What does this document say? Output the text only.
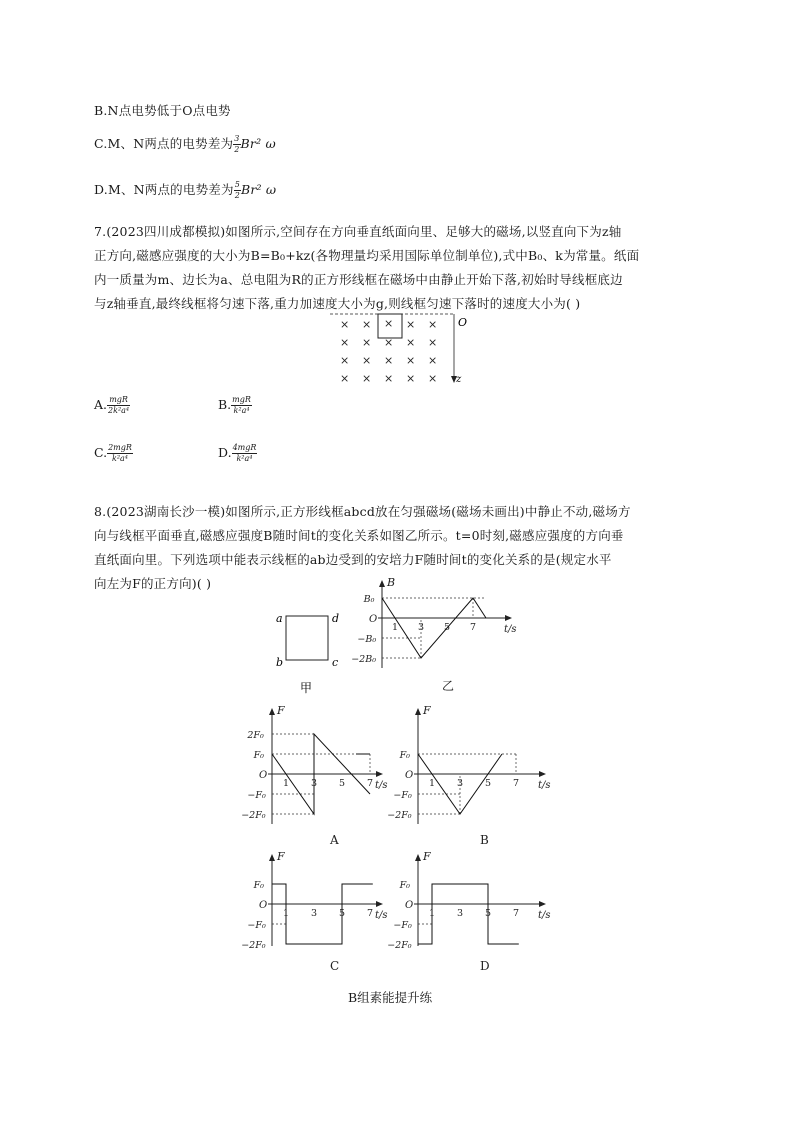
B.N点电势低于O点电势
C.M、N两点的电势差为 $\frac{3}{2} Br^2$ ω
D.M、N两点的电势差为 $\frac{5}{2} Br^2$ ω
7.(2023四川成都模拟)如图所示,空间存在方向垂直纸面向里、足够大的磁场,以竖直向下为z轴
正方向,磁感应强度的大小为B=B₀+kz(各物理量均采用国际单位制单位),式中B₀、k为常量。纸面
内一质量为m、边长为a、总电阻为R的正方形线框在磁场中由静止开始下落,初始时导线框底边
与z轴垂直,最终线框将匀速下落,重力加速度大小为g,则线框匀速下落时的速度大小为( )
O
z
× × × × ×
× × × × ×
× × × × ×
× × × × ×
A. $\frac{\text{mgR}}{\text{2k²a⁴}}$	B. $\frac{\text{mgR}}{\text{k²a⁴}}$
C. $\frac{\text{2mgR}}{\text{k²a⁴}}$	D. $\frac{\text{4mgR}}{\text{k²a⁴}}$
8.(2023湖南长沙一模)如图所示,正方形线框abcd放在匀强磁场(磁场未画出)中静止不动,磁场方
向与线框平面垂直,磁感应强度B随时间t的变化关系如图乙所示。t=0时刻,磁感应强度的方向垂
直纸面向里。下列选项中能表示线框的ab边受到的安培力F随时间t的变化关系的是(规定水平
向左为F的正方向)( )
a	d
b	c
甲
B
t/s
O
1 3 5 7
B₀
−B₀
−2B₀
乙
F
t/s
O
1 3 5 7
2F₀
F₀
−F₀
−2F₀
A
F
t/s
O
1 3 5 7
F₀
−F₀
−2F₀
B
F
t/s
O
1 3 5 7
F₀
−F₀
−2F₀
C
F
t/s
O
1 3 5 7
F₀
−F₀
−2F₀
D
B组素能提升练
